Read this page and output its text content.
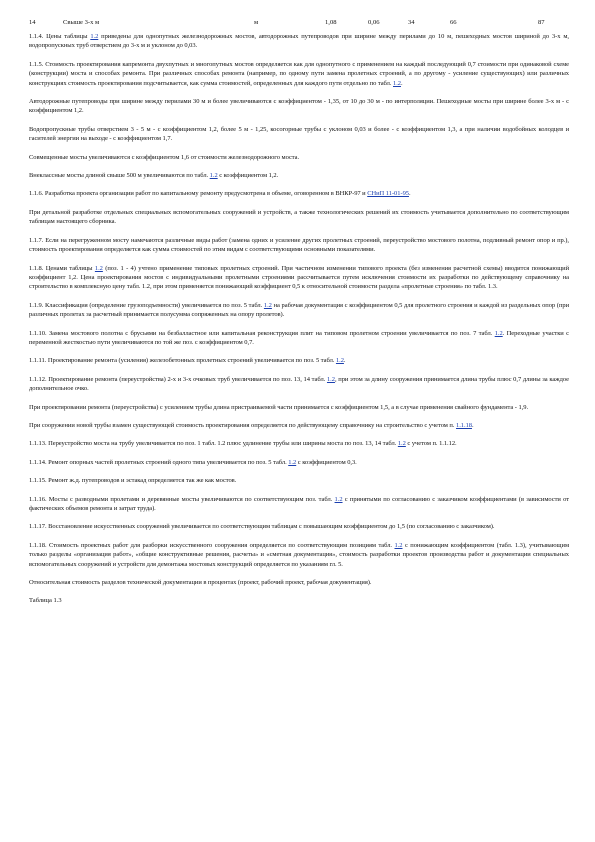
14	Свыше 3-х м	м	1,08	0,06	34	66	87

1.1.4. Цены таблицы 1.2 приведены для однопутных железнодорожных мостов, автодорожных путепроводов при ширине между перилами до 10 м, пешеходных мостов шириной до 3-х м, водопропускных труб отверстием до 3-х м и уклоном до 0,03.

1.1.5. Стоимость проектирования капремонта двухпутных и многопутных мостов определяется как для однопутного с применением на каждый последующий 0,7 стоимости при одинаковой схеме (конструкции) моста и способах ремонта. При различных способах ремонта (например, по одному пути замена пролетных строений, а по другому - усиление существующих) или различных конструкциях стоимость проектирования подсчитывается, как сумма стоимостей, определенных для каждого пути отдельно по табл. 1.2.

Автодорожные путепроводы при ширине между перилами 30 м и более увеличиваются с коэффициентом - 1,35, от 10 до 30 м - по интерполяции. Пешеходные мосты при ширине более 3-х м - с коэффициентом 1,2.

Водопропускные трубы отверстием 3 - 5 м - с коэффициентом 1,2, более 5 м - 1,25, косогорные трубы с уклоном 0,03 и более - с коэффициентом 1,3, а при наличии водобойных колодцев и гасителей энергии на выходе - с коэффициентом 1,7.

Совмещенные мосты увеличиваются с коэффициентом 1,6 от стоимости железнодорожного моста.

Внеклассные мосты длиной свыше 500 м увеличиваются по табл. 1.2 с коэффициентом 1,2.

1.1.6. Разработка проекта организации работ по капитальному ремонту предусмотрена в объеме, оговоренном в ВНКР-97 и СНиП 11-01-95.

При детальной разработке отдельных специальных вспомогательных сооружений и устройств, а также технологических решений их стоимость учитывается дополнительно по соответствующим таблицам настоящего сборника.

1.1.7. Если на перегруженном мосту намечаются различные виды работ (замена одних и усиление других пролетных строений, переустройство мостового полотна, подливный ремонт опор и пр.), стоимость проектирования определяется как сумма стоимостей по этим видам с соответствующими основными показателями.

1.1.8. Ценами таблицы 1.2 (поз. 1 - 4) учтено применение типовых пролетных строений. При частичном изменении типового проекта (без изменения расчетной схемы) вводится понижающий коэффициент 1,2. Цена проектирования мостов с индивидуальными пролетными строениями рассчитывается путем исключения стоимости их разработки по действующему справочнику на строительство в комплексную цену табл. 1.2, при этом применяется понижающий коэффициент 0,5 к относительной стоимости раздела «пролетные строения» по табл. 1.3.

1.1.9. Классификация (определение грузоподъемности) увеличивается по поз. 5 табл. 1.2 на рабочая документация с коэффициентом 0,5 для пролетного строения и каждой из раздельных опор (при различных пролетах за расчетный принимается полусумма сопряженных на опору пролетов).

1.1.10. Замена мостового полотна с брусьями на безбалластное или капитальная реконструкция плит на типовом пролетном строении увеличивается по поз. 7 табл. 1.2. Переходные участки с переменной жесткостью пути увеличиваются по той же поз. с коэффициентом 0,7.

1.1.11. Проектирование ремонта (усиления) железобетонных пролетных строений увеличивается по поз. 5 табл. 1.2.

1.1.12. Проектирование ремонта (переустройства) 2-х и 3-х очковых труб увеличивается по поз. 13, 14 табл. 1.2, при этом за длину сооружения принимается длина трубы плюс 0,7 длины за каждое дополнительное очко.

При проектировании ремонта (переустройства) с усилением трубы длина пристраиваемой части принимается с коэффициентом 1,5, а в случае применения свайного фундамента - 1,9.

При сооружении новой трубы взамен существующей стоимость проектирования определяется по действующему справочнику на строительство с учетом п. 1.1.18.

1.1.13. Переустройство моста на трубу увеличивается по поз. 1 табл. 1.2 плюс удлинение трубы или ширины моста по поз. 13, 14 табл. 1.2 с учетом п. 1.1.12.

1.1.14. Ремонт опорных частей пролетных строений одного типа увеличивается по поз. 5 табл. 1.2 с коэффициентом 0,3.

1.1.15. Ремонт ж.д. путепроводов и эстакад определяется так же как мостов.

1.1.16. Мосты с разводными пролетами и деревянные мосты увеличиваются по соответствующим поз. табл. 1.2 с принятыми по согласованию с заказчиком коэффициентами (в зависимости от фактических объемов ремонта и затрат труда).

1.1.17. Восстановление искусственных сооружений увеличивается по соответствующим таблицам с повышающим коэффициентом до 1,5 (по согласованию с заказчиком).

1.1.18. Стоимость проектных работ для разборки искусственного сооружения определяется по соответствующим позициям табл. 1.2 с понижающим коэффициентом (табл. 1.3), учитывающим только разделы «организация работ», «общие конструктивные решения, расчеты» и «сметная документация», стоимость разработки проектов производства работ и документации специальных вспомогательных сооружений и устройств для демонтажа мостовых конструкций определяется по указаниям гл. 5.

Относительная стоимость разделов технической документации в процентах (проект, рабочий проект, рабочая документация).

Таблица 1.3
